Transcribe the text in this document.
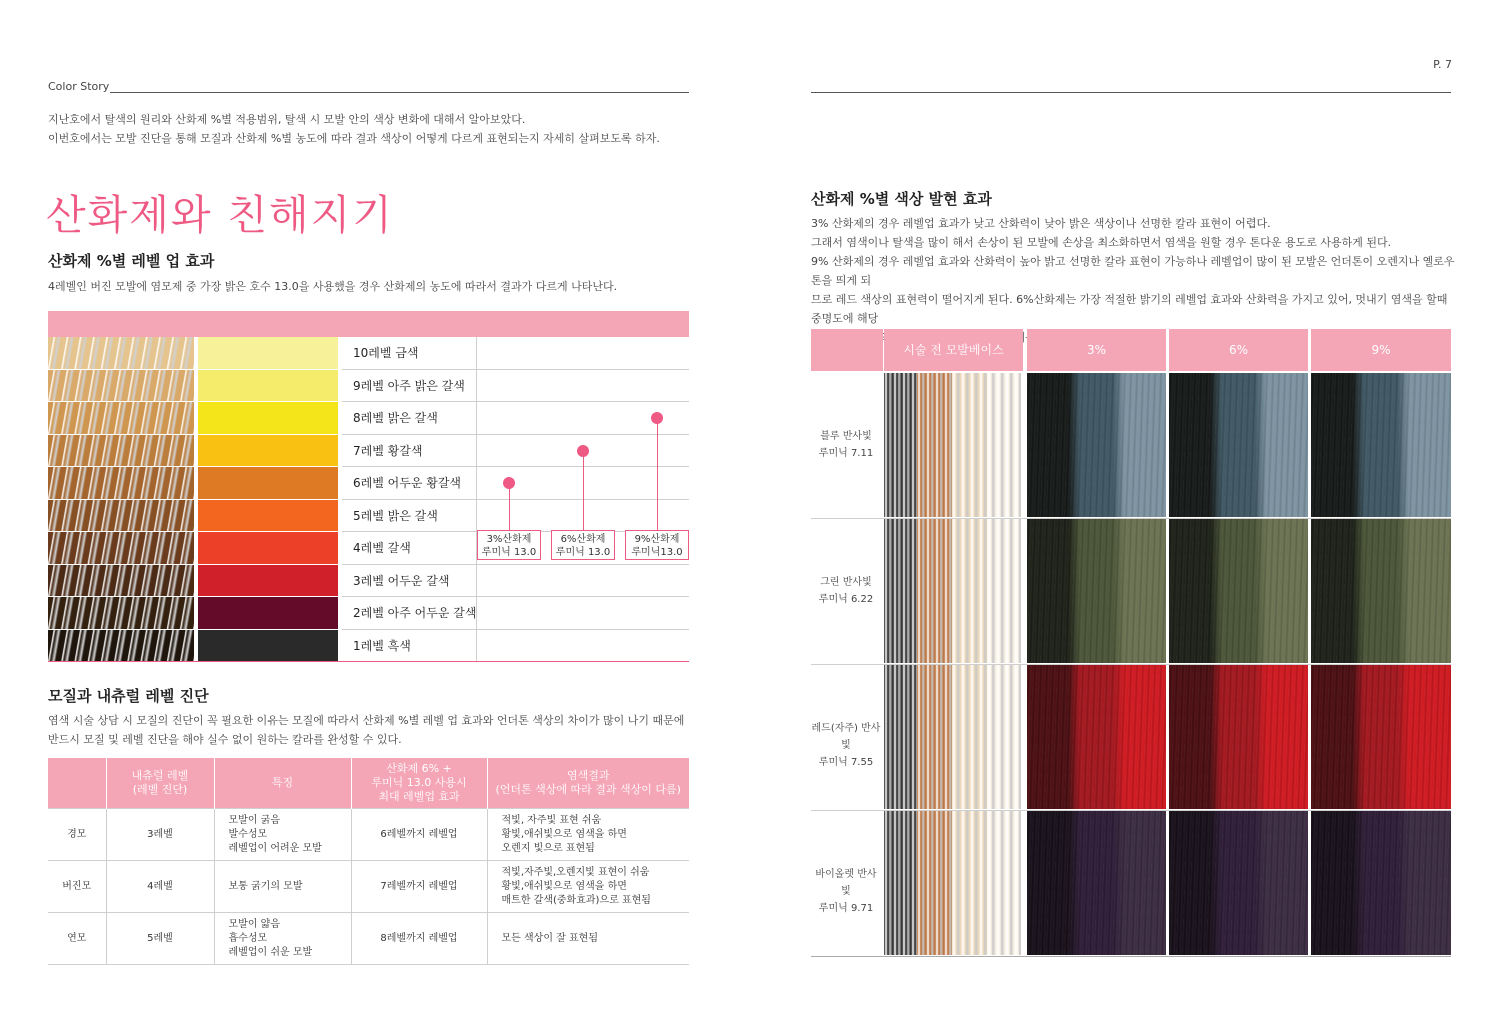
Color Story
지난호에서 탈색의 원리와 산화제 %별 적용범위, 탈색 시 모발 안의 색상 변화에 대해서 알아보았다.
이번호에서는 모발 진단을 통해 모질과 산화제 %별 농도에 따라 결과 색상이 어떻게 다르게 표현되는지 자세히 살펴보도록 하자.
산화제와 친해지기
산화제 %별 레벨 업 효과
4레벨인 버진 모발에 염모제 중 가장 밝은 호수 13.0을 사용했을 경우 산화제의 농도에 따라서 결과가 다르게 나타난다.
모질과 내츄럴 레벨 진단
염색 시술 상담 시 모질의 진단이 꼭 필요한 이유는 모질에 따라서 산화제 %별 레벨 업 효과와 언더톤 색상의 차이가 많이 나기 때문에
반드시 모질 및 레벨 진단을 해야 실수 없이 원하는 칼라를 완성할 수 있다.
	내츄럴 레벨
(레벨 진단)	특징	산화제 6% +
루미닉 13.0 사용시
최대 레벨업 효과	염색결과
(언더톤 색상에 따라 결과 색상이 다름)
경모	3레벨	모발이 굵음
발수성모
레벨업이 어려운 모발	6레벨까지 레벨업	적빛, 자주빛 표현 쉬움
황빛,애쉬빛으로 염색을 하면
오렌지 빛으로 표현됨
버진모	4레벨	보통 굵기의 모발	7레벨까지 레벨업	적빛,자주빛,오렌지빛 표현이 쉬움
황빛,애쉬빛으로 염색을 하면
매트한 갈색(중화효과)으로 표현됨
연모	5레벨	모발이 얇음
흡수성모
레벨업이 쉬운 모발	8레벨까지 레벨업	모든 색상이 잘 표현됨
P. 7
산화제 %별 색상 발현 효과
3% 산화제의 경우 레벨업 효과가 낮고 산화력이 낮아 밝은 색상이나 선명한 칼라 표현이 어렵다.
그래서 염색이나 탈색을 많이 해서 손상이 된 모발에 손상을 최소화하면서 염색을 원할 경우 톤다운 용도로 사용하게 된다.
9% 산화제의 경우 레벨업 효과와 산화력이 높아 밝고 선명한 칼라 표현이 가능하나 레벨업이 많이 된 모발은 언더톤이 오렌지나 옐로우톤을 띄게 되
므로 레드 색상의 표현력이 떨어지게 된다. 6%산화제는 가장 적절한 밝기의 레벨업 효과와 산화력을 가지고 있어, 멋내기 염색을 할때 중명도에 해당
10레벨 금색
9레벨 아주 밝은 갈색
8레벨 밝은 갈색
7레벨 황갈색
6레벨 어두운 황갈색
5레벨 밝은 갈색
4레벨 갈색
3레벨 어두운 갈색
2레벨 아주 어두운 갈색
1레벨 흑색
3%산화제
루미닉 13.0
6%산화제
루미닉 13.0
9%산화제
루미닉13.0
시술 전 모발베이스	3%	6%	9%
블루 반사빛
루미닉 7.11
그린 반사빛
루미닉 6.22
레드(자주) 반사빛
루미닉 7.55
바이올렛 반사빛
루미닉 9.71
